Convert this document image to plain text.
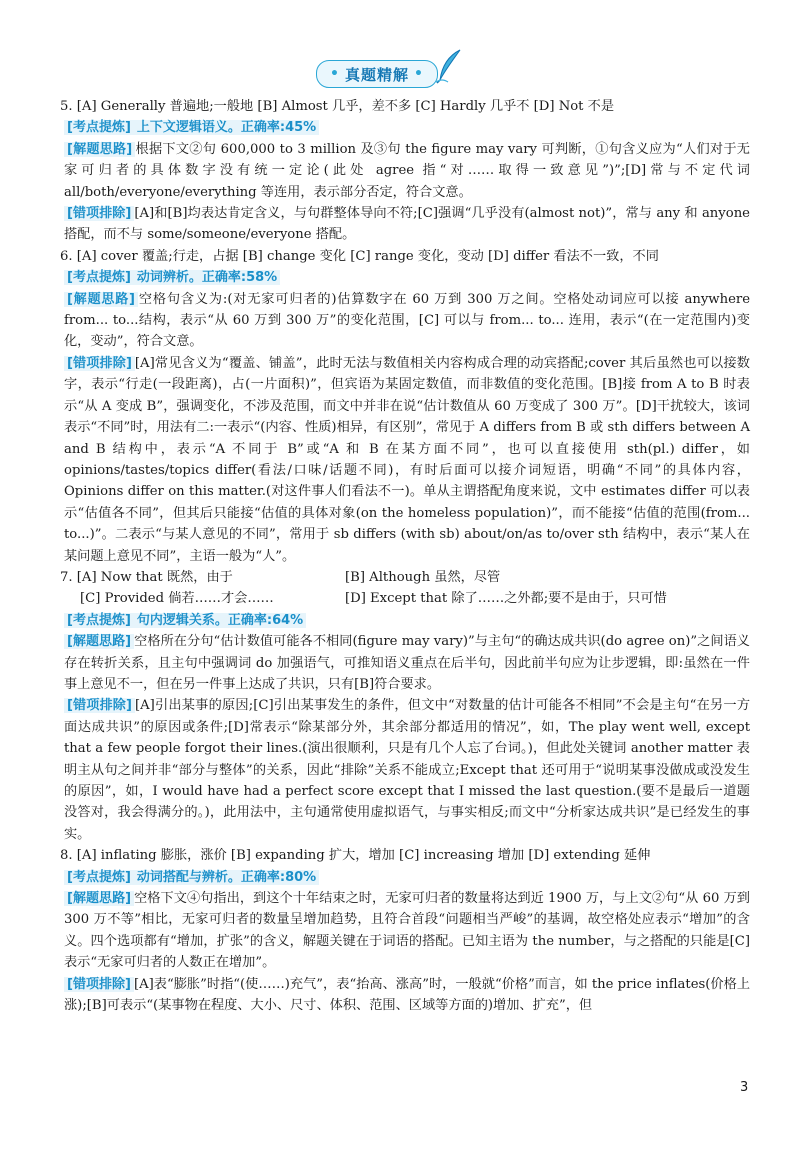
• 真题精解 •

5. [A] Generally 普遍地;一般地 [B] Almost 几乎，差不多 [C] Hardly 几乎不 [D] Not 不是

[考点提炼] 上下文逻辑语义。正确率:45%

[解题思路] 根据下文②句 600,000 to 3 million 及③句 the figure may vary 可判断，①句含义应为“人们对于无家可归者的具体数字没有统一定论(此处 agree 指“对……取得一致意见”)”;[D]常与不定代词 all/both/everyone/everything 等连用，表示部分否定，符合文意。

[错项排除] [A]和[B]均表达肯定含义，与句群整体导向不符;[C]强调“几乎没有(almost not)”，常与 any 和 anyone 搭配，而不与 some/someone/everyone 搭配。

6. [A] cover 覆盖;行走，占据 [B] change 变化 [C] range 变化，变动 [D] differ 看法不一致，不同

[考点提炼] 动词辨析。正确率:58%

[解题思路] 空格句含义为:(对无家可归者的)估算数字在 60 万到 300 万之间。空格处动词应可以接 anywhere from... to...结构，表示“从 60 万到 300 万”的变化范围，[C] 可以与 from... to... 连用，表示“(在一定范围内)变化，变动”，符合文意。

[错项排除] [A]常见含义为“覆盖、铺盖”，此时无法与数值相关内容构成合理的动宾搭配;cover 其后虽然也可以接数字，表示“行走(一段距离)，占(一片面积)”，但宾语为某固定数值，而非数值的变化范围。[B]接 from A to B 时表示“从 A 变成 B”，强调变化，不涉及范围，而文中并非在说“估计数值从 60 万变成了 300 万”。[D]干扰较大，该词表示“不同”时，用法有二:一表示“(内容、性质)相异，有区别”，常见于 A differs from B 或 sth differs between A and B 结构中，表示“A 不同于 B”或“A 和 B 在某方面不同”，也可以直接使用 sth(pl.) differ，如 opinions/tastes/topics differ(看法/口味/话题不同)，有时后面可以接介词短语，明确“不同”的具体内容，Opinions differ on this matter.(对这件事人们看法不一)。单从主谓搭配角度来说，文中 estimates differ 可以表示“估值各不同”，但其后只能接“估值的具体对象(on the homeless population)”，而不能接“估值的范围(from... to...)”。二表示“与某人意见的不同”，常用于 sb differs (with sb) about/on/as to/over sth 结构中，表示“某人在某问题上意见不同”，主语一般为“人”。

7. [A] Now that 既然，由于	[B] Although 虽然，尽管
[C] Provided 倘若……才会……	[D] Except that 除了……之外都;要不是由于，只可惜

[考点提炼] 句内逻辑关系。正确率:64%

[解题思路] 空格所在分句“估计数值可能各不相同(figure may vary)”与主句“的确达成共识(do agree on)”之间语义存在转折关系，且主句中强调词 do 加强语气，可推知语义重点在后半句，因此前半句应为让步逻辑，即:虽然在一件事上意见不一，但在另一件事上达成了共识，只有[B]符合要求。

[错项排除] [A]引出某事的原因;[C]引出某事发生的条件，但文中“对数量的估计可能各不相同”不会是主句“在另一方面达成共识”的原因或条件;[D]常表示“除某部分外，其余部分都适用的情况”，如，The play went well, except that a few people forgot their lines.(演出很顺利，只是有几个人忘了台词。)，但此处关键词 another matter 表明主从句之间并非“部分与整体”的关系，因此“排除”关系不能成立;Except that 还可用于“说明某事没做成或没发生的原因”，如，I would have had a perfect score except that I missed the last question.(要不是最后一道题没答对，我会得满分的。)，此用法中，主句通常使用虚拟语气，与事实相反;而文中“分析家达成共识”是已经发生的事实。

8. [A] inflating 膨胀，涨价 [B] expanding 扩大，增加 [C] increasing 增加 [D] extending 延伸

[考点提炼] 动词搭配与辨析。正确率:80%

[解题思路] 空格下文④句指出，到这个十年结束之时，无家可归者的数量将达到近 1900 万，与上文②句“从 60 万到 300 万不等”相比，无家可归者的数量呈增加趋势，且符合首段“问题相当严峻”的基调，故空格处应表示“增加”的含义。四个选项都有“增加，扩张”的含义，解题关键在于词语的搭配。已知主语为 the number，与之搭配的只能是[C]表示“无家可归者的人数正在增加”。

[错项排除] [A]表“膨胀”时指“(使……)充气”，表“抬高、涨高”时，一般就“价格”而言，如 the price inflates(价格上涨);[B]可表示“(某事物在程度、大小、尺寸、体积、范围、区域等方面的)增加、扩充”，但

3
